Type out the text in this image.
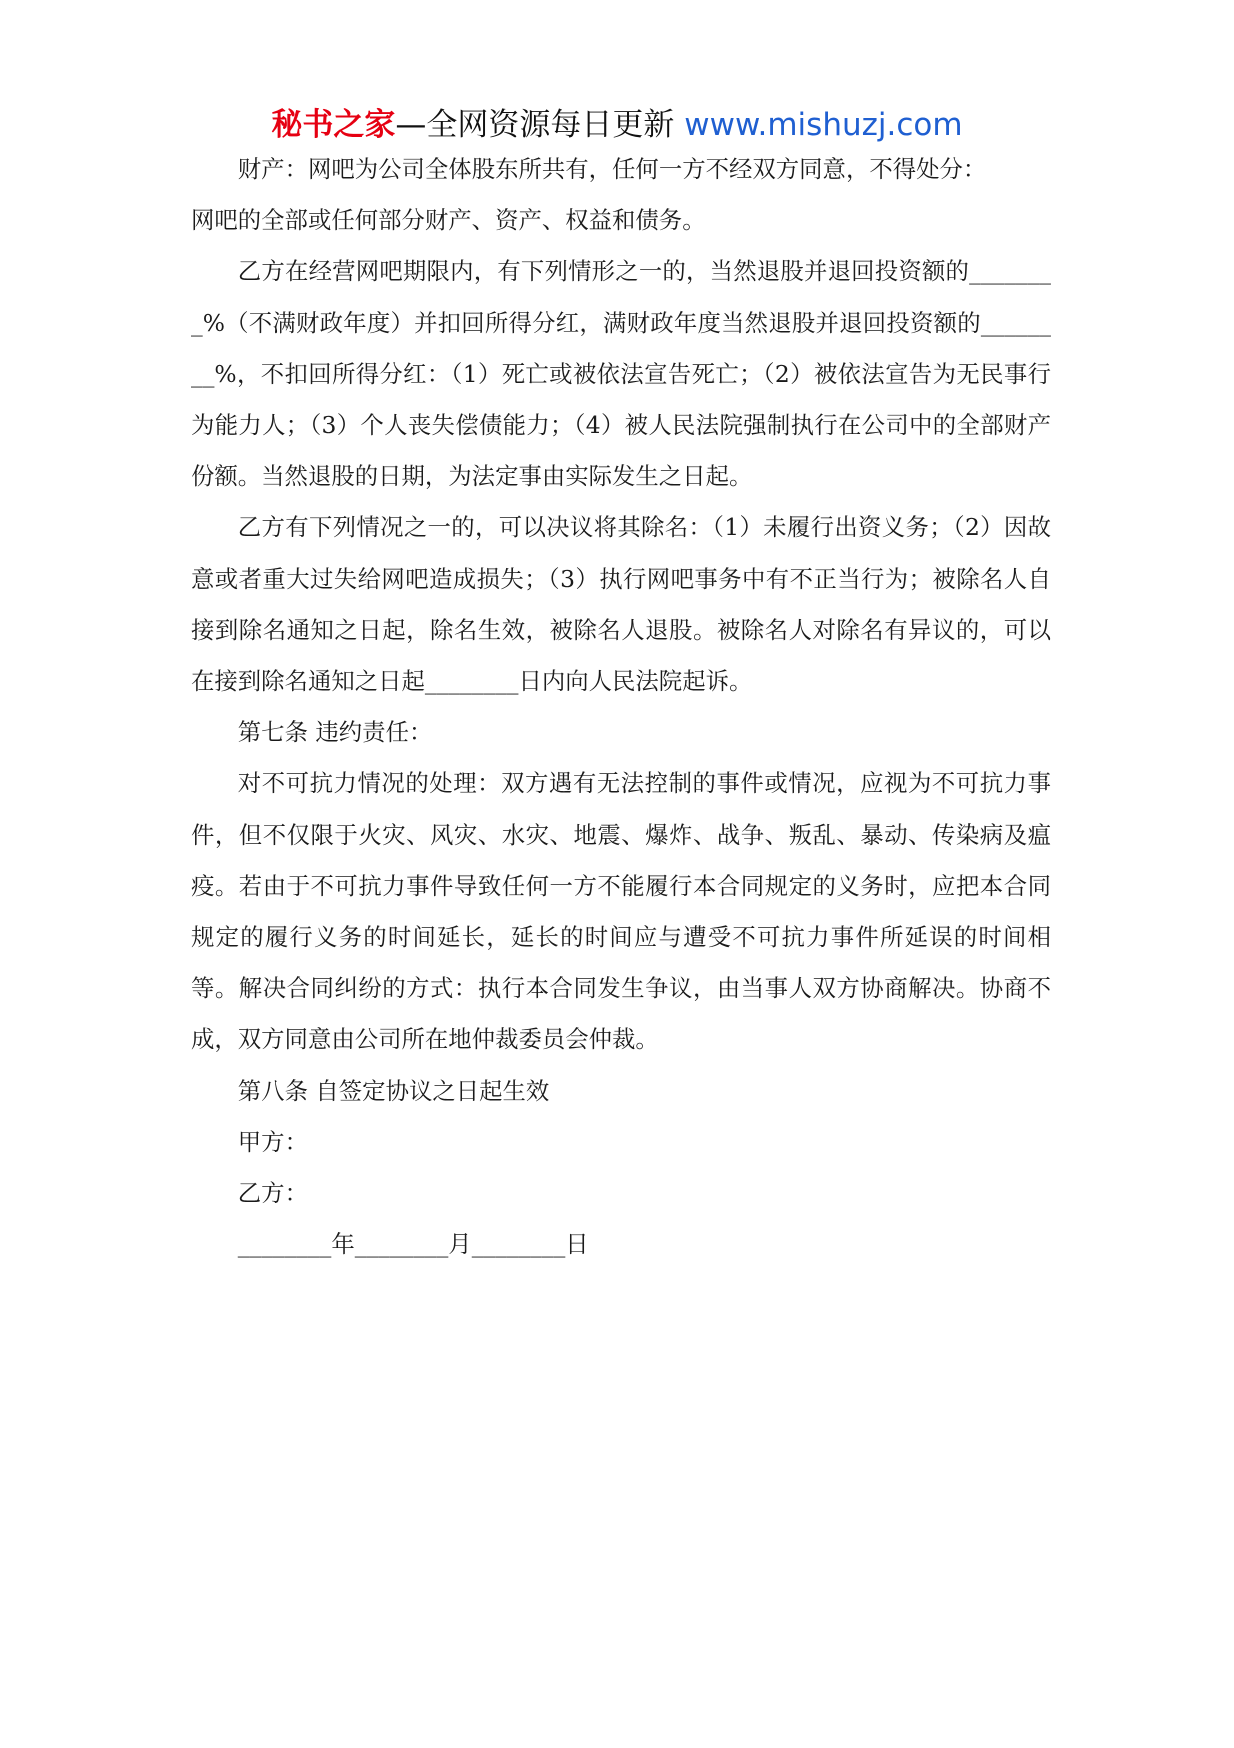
秘书之家—全网资源每日更新 www.mishuzj.com

财产：网吧为公司全体股东所共有，任何一方不经双方同意，不得处分：

网吧的全部或任何部分财产、资产、权益和债务。

乙方在经营网吧期限内，有下列情形之一的，当然退股并退回投资额的________%（不满财政年度）并扣回所得分红，满财政年度当然退股并退回投资额的________%，不扣回所得分红：（1）死亡或被依法宣告死亡；（2）被依法宣告为无民事行为能力人；（3）个人丧失偿债能力；（4）被人民法院强制执行在公司中的全部财产份额。当然退股的日期，为法定事由实际发生之日起。

乙方有下列情况之一的，可以决议将其除名：（1）未履行出资义务；（2）因故意或者重大过失给网吧造成损失；（3）执行网吧事务中有不正当行为；被除名人自接到除名通知之日起，除名生效，被除名人退股。被除名人对除名有异议的，可以在接到除名通知之日起________日内向人民法院起诉。

第七条 违约责任：

对不可抗力情况的处理：双方遇有无法控制的事件或情况，应视为不可抗力事件，但不仅限于火灾、风灾、水灾、地震、爆炸、战争、叛乱、暴动、传染病及瘟疫。若由于不可抗力事件导致任何一方不能履行本合同规定的义务时，应把本合同规定的履行义务的时间延长，延长的时间应与遭受不可抗力事件所延误的时间相等。解决合同纠纷的方式：执行本合同发生争议，由当事人双方协商解决。协商不成，双方同意由公司所在地仲裁委员会仲裁。

第八条 自签定协议之日起生效

甲方：

乙方：

________年________月________日
